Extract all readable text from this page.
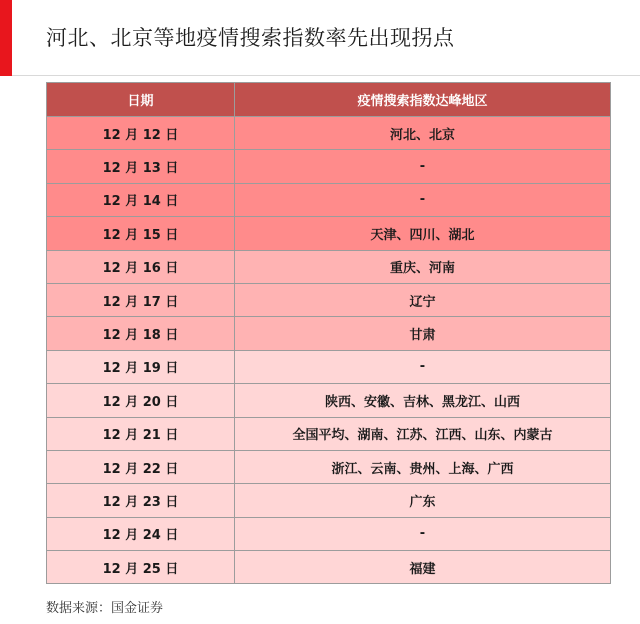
河北、北京等地疫情搜索指数率先出现拐点
日期	疫情搜索指数达峰地区
12 月 12 日	河北、北京
12 月 13 日	-
12 月 14 日	-
12 月 15 日	天津、四川、湖北
12 月 16 日	重庆、河南
12 月 17 日	辽宁
12 月 18 日	甘肃
12 月 19 日	-
12 月 20 日	陕西、安徽、吉林、黑龙江、山西
12 月 21 日	全国平均、湖南、江苏、江西、山东、内蒙古
12 月 22 日	浙江、云南、贵州、上海、广西
12 月 23 日	广东
12 月 24 日	-
12 月 25 日	福建
数据来源：国金证券
